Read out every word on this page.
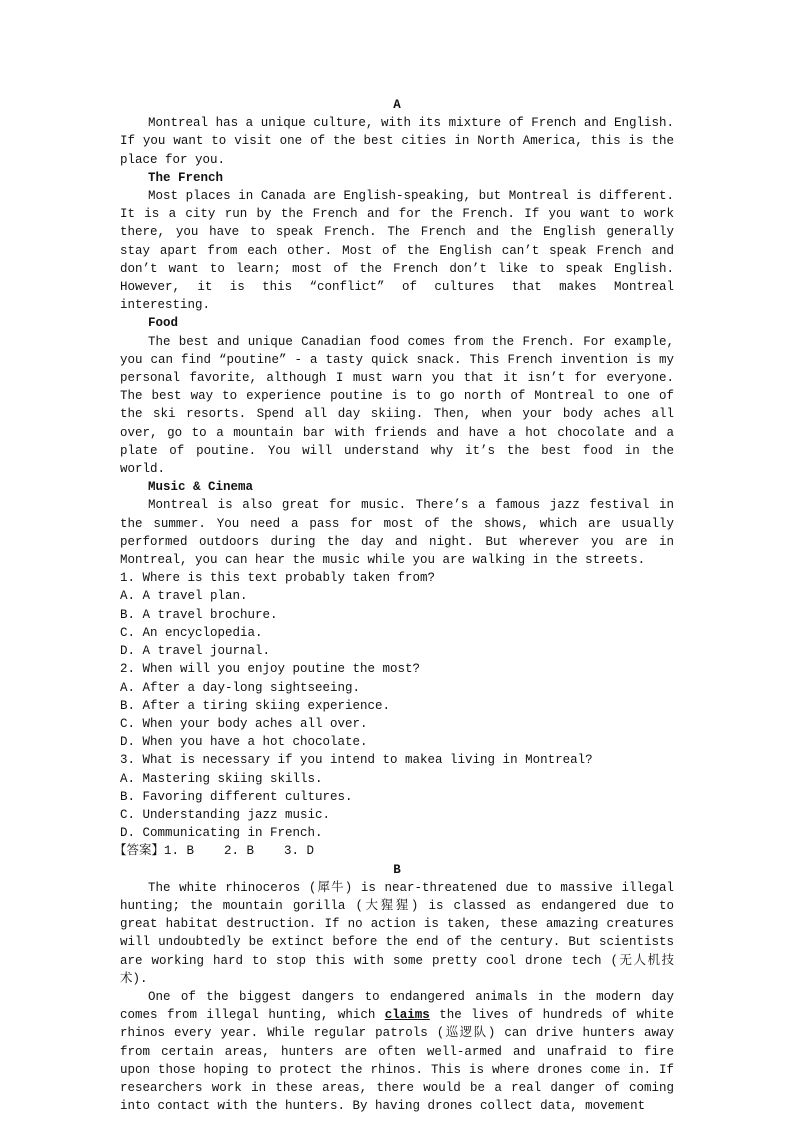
A

Montreal has a unique culture, with its mixture of French and English. If you want to visit one of the best cities in North America, this is the place for you.

The French

Most places in Canada are English-speaking, but Montreal is different. It is a city run by the French and for the French. If you want to work there, you have to speak French. The French and the English generally stay apart from each other. Most of the English can’t speak French and don’t want to learn; most of the French don’t like to speak English. However, it is this “conflict” of cultures that makes Montreal interesting.

Food

The best and unique Canadian food comes from the French. For example, you can find “poutine” - a tasty quick snack. This French invention is my personal favorite, although I must warn you that it isn’t for everyone. The best way to experience poutine is to go north of Montreal to one of the ski resorts. Spend all day skiing. Then, when your body aches all over, go to a mountain bar with friends and have a hot chocolate and a plate of poutine. You will understand why it’s the best food in the world.

Music & Cinema

Montreal is also great for music. There’s a famous jazz festival in the summer. You need a pass for most of the shows, which are usually performed outdoors during the day and night. But wherever you are in Montreal, you can hear the music while you are walking in the streets.

1. Where is this text probably taken from?

A. A travel plan.

B. A travel brochure.

C. An encyclopedia.

D. A travel journal.

2. When will you enjoy poutine the most?

A. After a day-long sightseeing.

B. After a tiring skiing experience.

C. When your body aches all over.

D. When you have a hot chocolate.

3. What is necessary if you intend to makea living in Montreal?

A. Mastering skiing skills.

B. Favoring different cultures.

C. Understanding jazz music.

D. Communicating in French.

【答案】1. B    2. B    3. D

B

The white rhinoceros (犀牛) is near-threatened due to massive illegal hunting; the mountain gorilla (大猩猩) is classed as endangered due to great habitat destruction. If no action is taken, these amazing creatures will undoubtedly be extinct before the end of the century. But scientists are working hard to stop this with some pretty cool drone tech (无人机技术).

One of the biggest dangers to endangered animals in the modern day comes from illegal hunting, which claims the lives of hundreds of white rhinos every year. While regular patrols (巡逻队) can drive hunters away from certain areas, hunters are often well-armed and unafraid to fire upon those hoping to protect the rhinos. This is where drones come in. If researchers work in these areas, there would be a real danger of coming into contact with the hunters. By having drones collect data, movement
